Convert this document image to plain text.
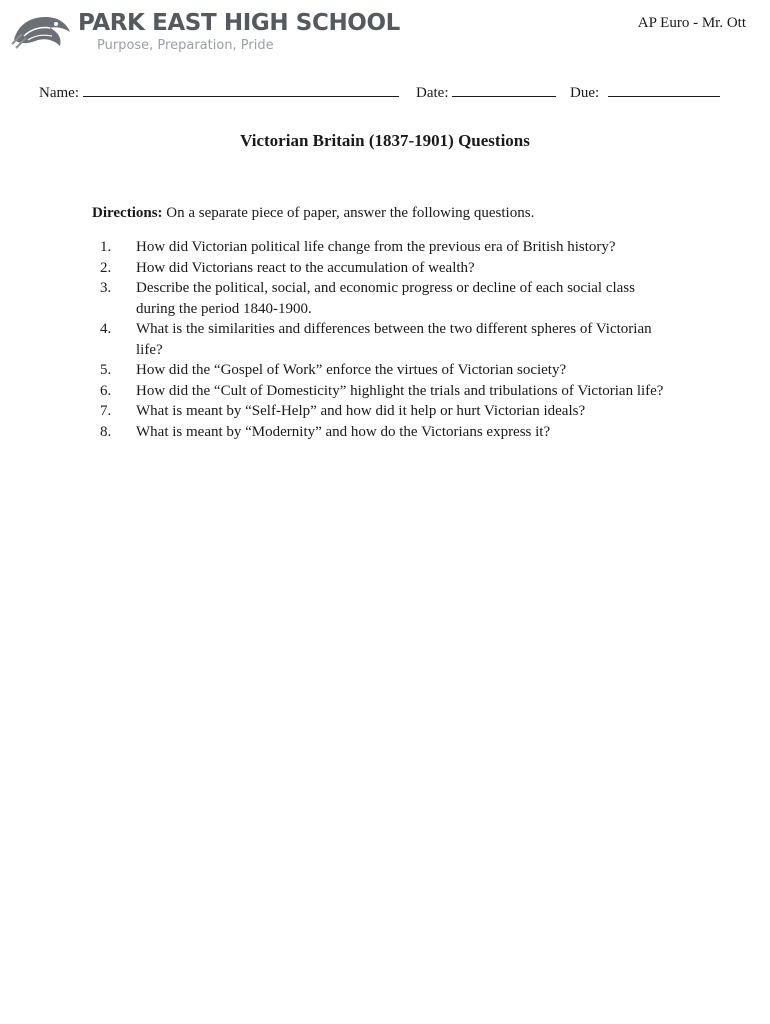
PARK EAST HIGH SCHOOL
Purpose, Preparation, Pride
AP Euro - Mr. Ott
Name:	Date:	Due:
Victorian Britain (1837-1901) Questions
Directions: On a separate piece of paper, answer the following questions.
1.	How did Victorian political life change from the previous era of British history?
2.	How did Victorians react to the accumulation of wealth?
3.	Describe the political, social, and economic progress or decline of each social class during the period 1840-1900.
4.	What is the similarities and differences between the two different spheres of Victorian life?
5.	How did the “Gospel of Work” enforce the virtues of Victorian society?
6.	How did the “Cult of Domesticity” highlight the trials and tribulations of Victorian life?
7.	What is meant by “Self-Help” and how did it help or hurt Victorian ideals?
8.	What is meant by “Modernity” and how do the Victorians express it?
